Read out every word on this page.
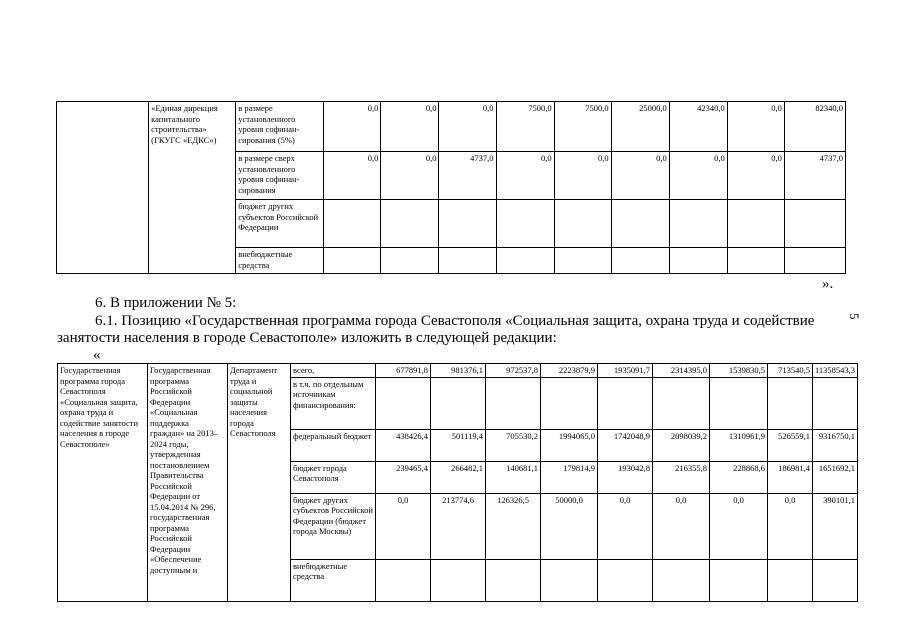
	«Единая дирекция капитального строительства» (ГКУГС «ЕДКС»)	в размере установленного уровня софинан-сирования (5%)	0,0	0,0	0,0	7500,0	7500,0	25000,0	42340,0	0,0	82340,0
		в размере сверх установленного уровня софинан-сирования	0,0	0,0	4737,0	0,0	0,0	0,0	0,0	0,0	4737,0
		бюджет других субъектов Российской Федерации									
		внебюджетные средства									
».
6. В приложении № 5:
6.1. Позицию «Государственная программа города Севастополя «Социальная защита, охрана труда и содействие
занятости населения в городе Севастополе» изложить в следующей редакции:
«
5
Государственная программа города Севастополя «Социальная защита, охрана труда и содействие занятости населения в городе Севастополе»	Государственная программа Российской Федерации «Социальная поддержка граждан» на 2013–2024 годы, утвержденная постановлением Правительства Российской Федерации от 15.04.2014 № 296, государственная программа Российской Федерации «Обеспечение доступным и	Департамент труда и социальной защиты населения города Севастополя	всего,	677891,8	981376,1	972537,8	2223879,9	1935091,7	2314395,0	1539830,5	713540,5	11358543,3
			в т.ч. по отдельным источникам финансирования:									
			федеральный бюджет	438426,4	501119,4	705530,2	1994065,0	1742048,9	2098039,2	1310961,9	526559,1	9316750,1
			бюджет города Севастополя	239465,4	266482,1	140681,1	179814,9	193042,8	216355,8	228868,6	186981,4	1651692,1
			бюджет других субъектов Российской Федерации (бюджет города Москвы)	0,0	213774,6	126326,5	50000,0	0,0	0,0	0,0	0,0	390101,1
			внебюджетные средства									
